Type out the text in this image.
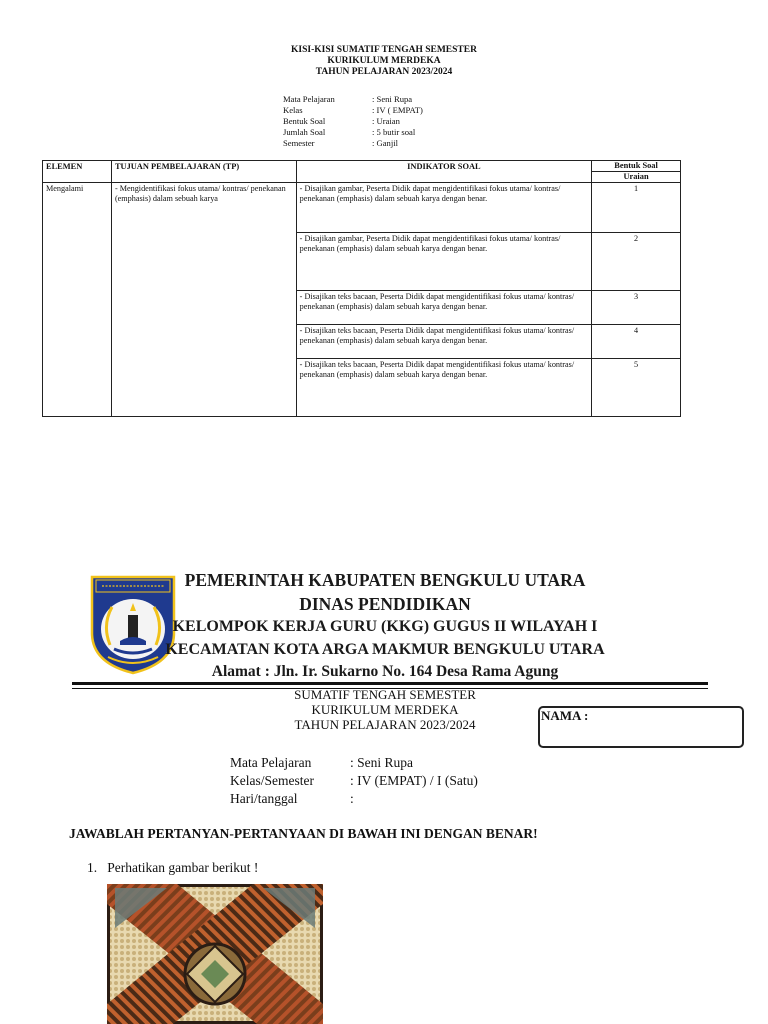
KISI-KISI SUMATIF TENGAH SEMESTER
KURIKULUM MERDEKA
TAHUN PELAJARAN 2023/2024
Mata Pelajaran	: Seni Rupa
Kelas	: IV ( EMPAT)
Bentuk Soal	: Uraian
Jumlah Soal	: 5 butir soal
Semester	: Ganjil
ELEMEN	TUJUAN PEMBELAJARAN (TP)	INDIKATOR SOAL	Bentuk Soal
			Uraian
Mengalami	- Mengidentifikasi fokus utama/ kontras/ penekanan (emphasis) dalam sebuah karya	- Disajikan gambar, Peserta Didik dapat mengidentifikasi fokus utama/ kontras/ penekanan (emphasis) dalam sebuah karya dengan benar.	1
		- Disajikan gambar, Peserta Didik dapat mengidentifikasi fokus utama/ kontras/ penekanan (emphasis) dalam sebuah karya dengan benar.	2
		- Disajikan teks bacaan, Peserta Didik dapat mengidentifikasi fokus utama/ kontras/ penekanan (emphasis) dalam sebuah karya dengan benar.	3
		- Disajikan teks bacaan, Peserta Didik dapat mengidentifikasi fokus utama/ kontras/ penekanan (emphasis) dalam sebuah karya dengan benar.	4
		- Disajikan teks bacaan, Peserta Didik dapat mengidentifikasi fokus utama/ kontras/ penekanan (emphasis) dalam sebuah karya dengan benar.	5
PEMERINTAH KABUPATEN BENGKULU UTARA
DINAS PENDIDIKAN
KELOMPOK KERJA GURU (KKG) GUGUS II WILAYAH I
KECAMATAN KOTA ARGA MAKMUR BENGKULU UTARA
Alamat : Jln. Ir. Sukarno No. 164 Desa Rama Agung
SUMATIF TENGAH SEMESTER
KURIKULUM MERDEKA
TAHUN PELAJARAN 2023/2024
NAMA :
Mata Pelajaran	: Seni Rupa
Kelas/Semester	: IV (EMPAT) / I (Satu)
Hari/tanggal	:
JAWABLAH PERTANYAN-PERTANYAAN DI BAWAH INI DENGAN BENAR!
1. Perhatikan gambar berikut !
